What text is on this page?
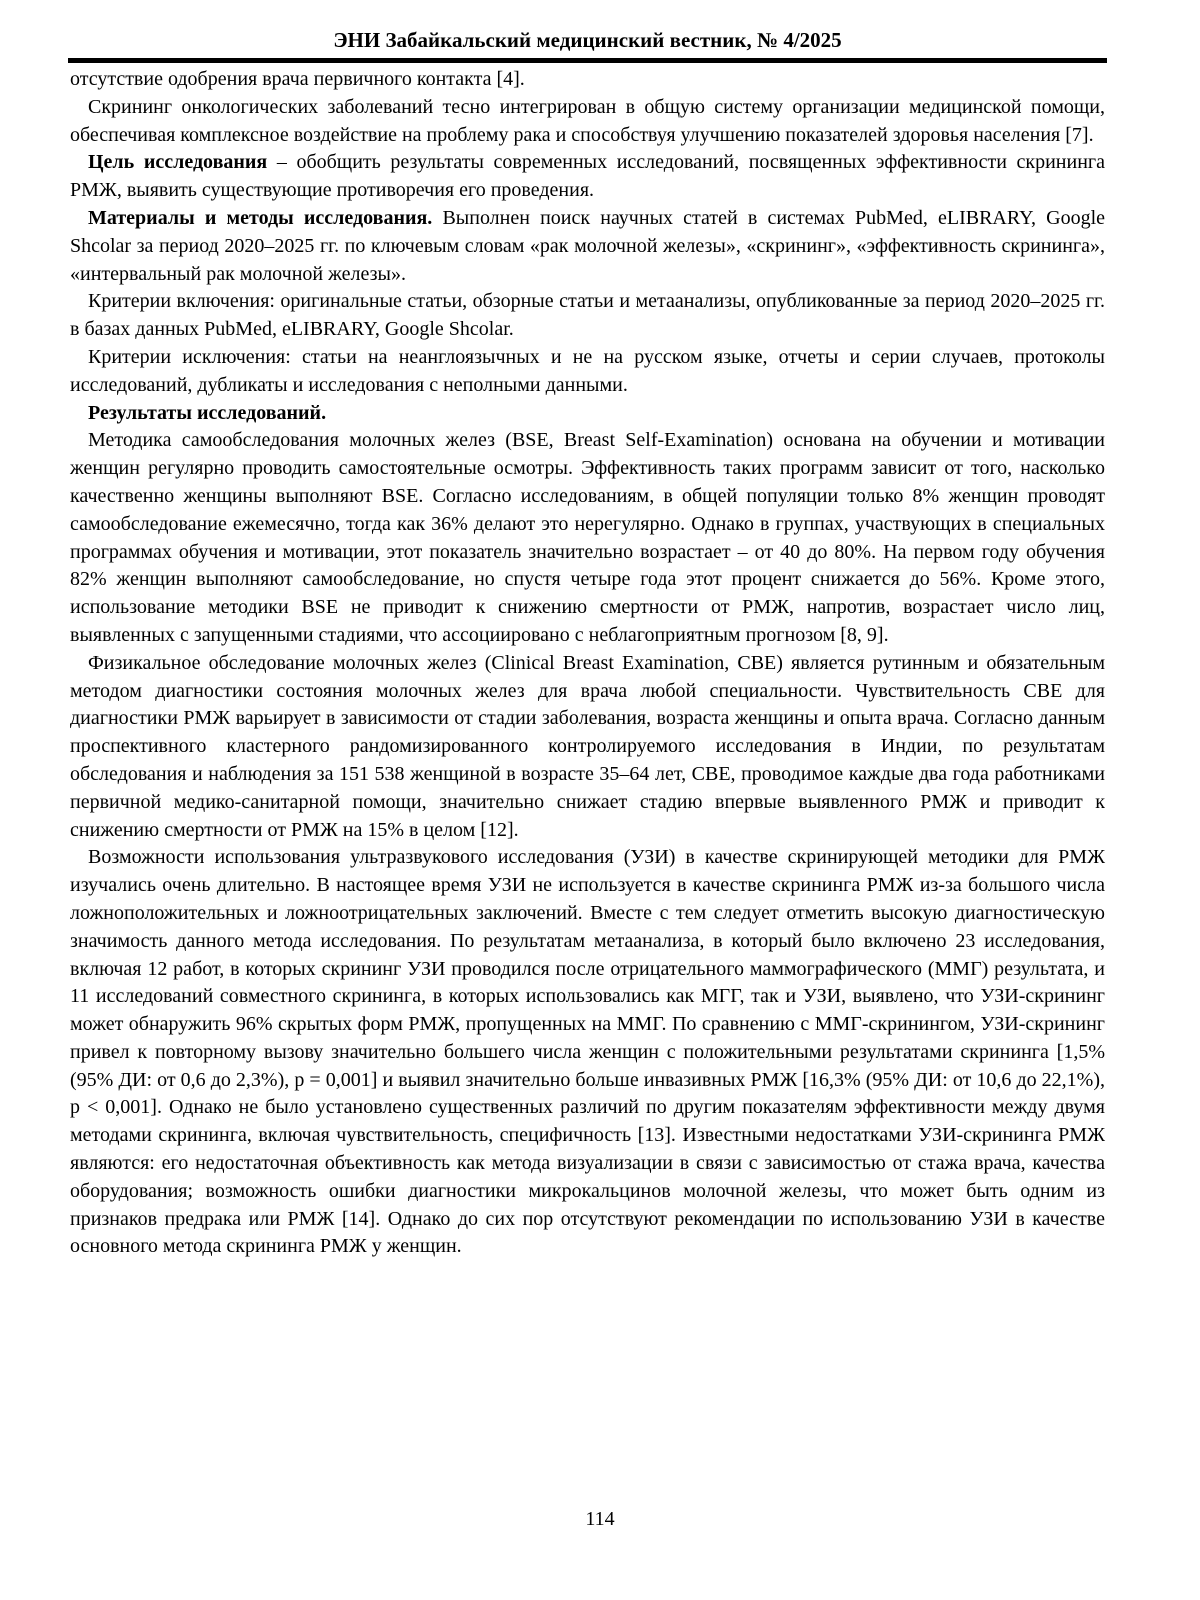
ЭНИ Забайкальский медицинский вестник, № 4/2025

отсутствие одобрения врача первичного контакта [4].

Скрининг онкологических заболеваний тесно интегрирован в общую систему организации медицинской помощи, обеспечивая комплексное воздействие на проблему рака и способствуя улучшению показателей здоровья населения [7].

Цель исследования – обобщить результаты современных исследований, посвященных эффективности скрининга РМЖ, выявить существующие противоречия его проведения.

Материалы и методы исследования. Выполнен поиск научных статей в системах PubMed, eLIBRARY, Google Shcolar за период 2020–2025 гг. по ключевым словам «рак молочной железы», «скрининг», «эффективность скрининга», «интервальный рак молочной железы».

Критерии включения: оригинальные статьи, обзорные статьи и метаанализы, опубликованные за период 2020–2025 гг. в базах данных PubMed, eLIBRARY, Google Shcolar.

Критерии исключения: статьи на неанглоязычных и не на русском языке, отчеты и серии случаев, протоколы исследований, дубликаты и исследования с неполными данными.

Результаты исследований.

Методика самообследования молочных желез (BSE, Breast Self-Examination) основана на обучении и мотивации женщин регулярно проводить самостоятельные осмотры. Эффективность таких программ зависит от того, насколько качественно женщины выполняют BSE. Согласно исследованиям, в общей популяции только 8% женщин проводят самообследование ежемесячно, тогда как 36% делают это нерегулярно. Однако в группах, участвующих в специальных программах обучения и мотивации, этот показатель значительно возрастает – от 40 до 80%. На первом году обучения 82% женщин выполняют самообследование, но спустя четыре года этот процент снижается до 56%. Кроме этого, использование методики BSE не приводит к снижению смертности от РМЖ, напротив, возрастает число лиц, выявленных с запущенными стадиями, что ассоциировано с неблагоприятным прогнозом [8, 9].

Физикальное обследование молочных желез (Clinical Breast Examination, CBE) является рутинным и обязательным методом диагностики состояния молочных желез для врача любой специальности. Чувствительность CBE для диагностики РМЖ варьирует в зависимости от стадии заболевания, возраста женщины и опыта врача. Согласно данным проспективного кластерного рандомизированного контролируемого исследования в Индии, по результатам обследования и наблюдения за 151 538 женщиной в возрасте 35–64 лет, CBE, проводимое каждые два года работниками первичной медико-санитарной помощи, значительно снижает стадию впервые выявленного РМЖ и приводит к снижению смертности от РМЖ на 15% в целом [12].

Возможности использования ультразвукового исследования (УЗИ) в качестве скринирующей методики для РМЖ изучались очень длительно. В настоящее время УЗИ не используется в качестве скрининга РМЖ из-за большого числа ложноположительных и ложноотрицательных заключений. Вместе с тем следует отметить высокую диагностическую значимость данного метода исследования. По результатам метаанализа, в который было включено 23 исследования, включая 12 работ, в которых скрининг УЗИ проводился после отрицательного маммографического (ММГ) результата, и 11 исследований совместного скрининга, в которых использовались как МГГ, так и УЗИ, выявлено, что УЗИ-скрининг может обнаружить 96% скрытых форм РМЖ, пропущенных на ММГ. По сравнению с ММГ-скринингом, УЗИ-скрининг привел к повторному вызову значительно большего числа женщин с положительными результатами скрининга [1,5% (95% ДИ: от 0,6 до 2,3%), р = 0,001] и выявил значительно больше инвазивных РМЖ [16,3% (95% ДИ: от 10,6 до 22,1%), p < 0,001]. Однако не было установлено существенных различий по другим показателям эффективности между двумя методами скрининга, включая чувствительность, специфичность [13]. Известными недостатками УЗИ-скрининга РМЖ являются: его недостаточная объективность как метода визуализации в связи с зависимостью от стажа врача, качества оборудования; возможность ошибки диагностики микрокальцинов молочной железы, что может быть одним из признаков предрака или РМЖ [14]. Однако до сих пор отсутствуют рекомендации по использованию УЗИ в качестве основного метода скрининга РМЖ у женщин.

114
